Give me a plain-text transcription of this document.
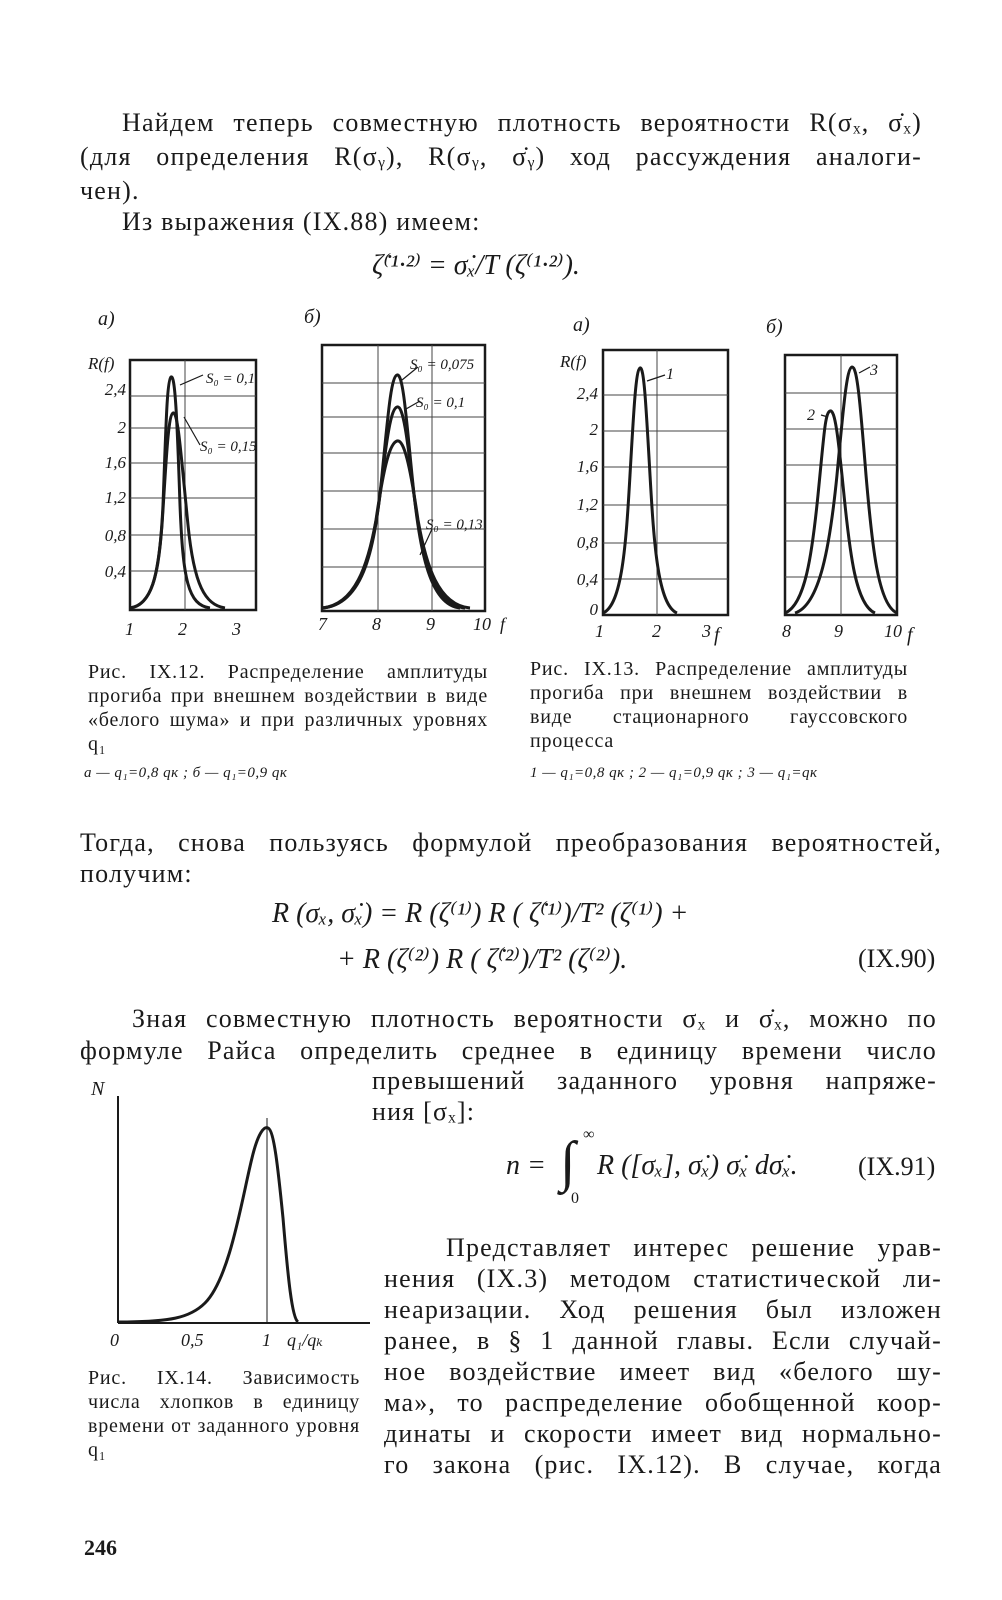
Найдем теперь совместную плотность вероятности R(σₓ, σ̇ₓ)
(для определения R(σᵧ), R(σᵧ, σ̇ᵧ) ход рассуждения аналоги-
чен).
Из выражения (IX.88) имеем:
ζ̇⁽¹·²⁾ = σ̇ₓ/T (ζ⁽¹·²⁾).
а)	б)	а)	б)
R(f)
2,4
2
1,6
1,2
0,8
0,4
1 2	3
S₀ = 0,1
S₀ = 0,15
7	8	9 10 f
S₀ = 0,075
S₀ = 0,1
S₀ = 0,13
R(f)
2,4
2
1,6
1,2
0,8
0,4
0
1	2 3 f
1
8 9 10 f
2
3
Рис. IX.12. Распределение амплитуды прогиба при внешнем воздействии в виде «белого шума» и при различных уровнях q₁
а — q₁=0,8 qк ; б — q₁=0,9 qк
Рис. IX.13. Распределение амплитуды прогиба при внешнем воздействии в виде стационарного гауссовского процесса
1 — q₁=0,8 qк ; 2 — q₁=0,9 qк ; 3 — q₁=qк
Тогда, снова пользуясь формулой преобразования вероятностей,
получим:
R (σₓ, σ̇ₓ) = R (ζ⁽¹⁾) R ( ζ̇⁽¹⁾)/T² (ζ⁽¹⁾) +
+ R (ζ⁽²⁾) R ( ζ̇⁽²⁾)/T² (ζ⁽²⁾).	(IX.90)
Зная совместную плотность вероятности σₓ и σ̇ₓ, можно по
формуле Райса определить среднее в единицу времени число
превышений заданного уровня напряже-
ния [σₓ]:
n = ∫ ∞
0
R ([σₓ], σ̇ₓ) σ̇ₓ dσ̇ₓ. (IX.91)
N
0	0,5	1 q₁/qₖ
Рис. IX.14. Зависимость числа хлопков в единицу времени от заданного уровня q₁
Представляет интерес решение урав-
нения (IX.3) методом статистической ли-
неаризации. Ход решения был изложен
ранее, в § 1 данной главы. Если случай-
ное воздействие имеет вид «белого шу-
ма», то распределение обобщенной коор-
динаты и скорости имеет вид нормально-
го закона (рис. IX.12). В случае, когда
246
